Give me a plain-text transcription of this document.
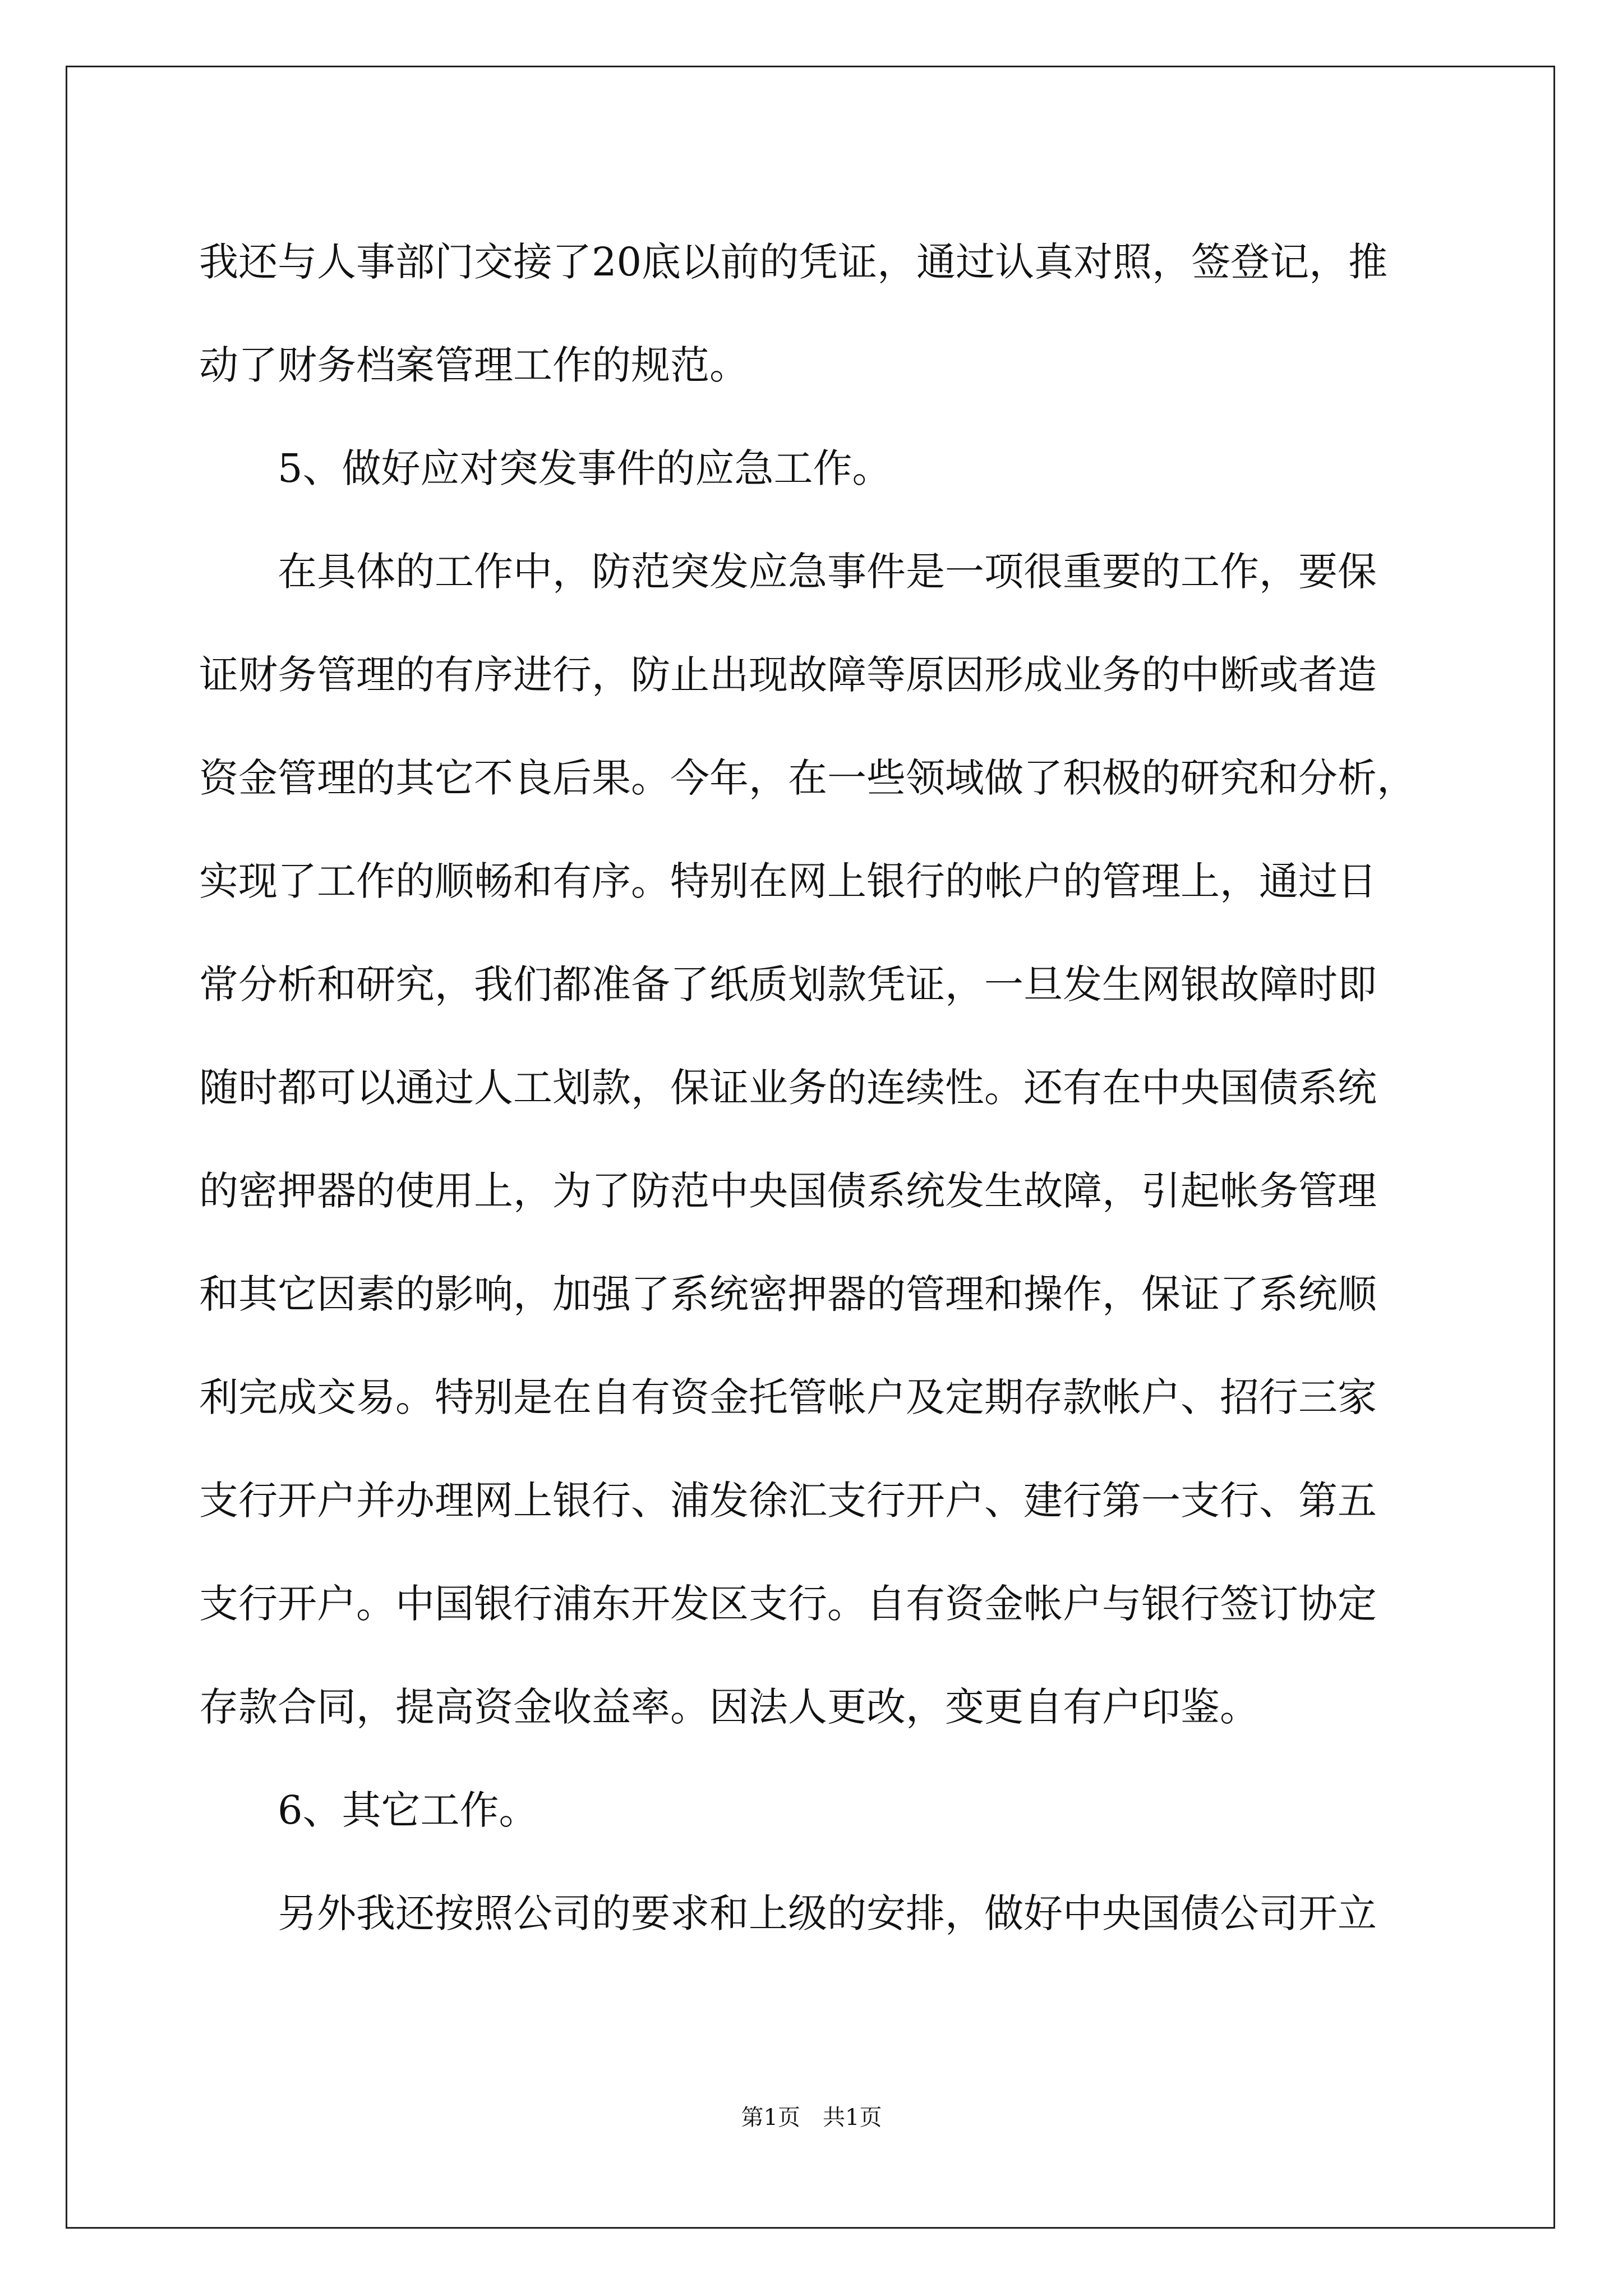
我还与人事部门交接了20底以前的凭证，通过认真对照，签登记，推
动了财务档案管理工作的规范。
5、做好应对突发事件的应急工作。
在具体的工作中，防范突发应急事件是一项很重要的工作，要保
证财务管理的有序进行，防止出现故障等原因形成业务的中断或者造
资金管理的其它不良后果。今年，在一些领域做了积极的研究和分析，
实现了工作的顺畅和有序。特别在网上银行的帐户的管理上，通过日
常分析和研究，我们都准备了纸质划款凭证，一旦发生网银故障时即
随时都可以通过人工划款，保证业务的连续性。还有在中央国债系统
的密押器的使用上，为了防范中央国债系统发生故障，引起帐务管理
和其它因素的影响，加强了系统密押器的管理和操作，保证了系统顺
利完成交易。特别是在自有资金托管帐户及定期存款帐户、招行三家
支行开户并办理网上银行、浦发徐汇支行开户、建行第一支行、第五
支行开户。中国银行浦东开发区支行。自有资金帐户与银行签订协定
存款合同，提高资金收益率。因法人更改，变更自有户印鉴。
6、其它工作。
另外我还按照公司的要求和上级的安排，做好中央国债公司开立
第1页　共1页
